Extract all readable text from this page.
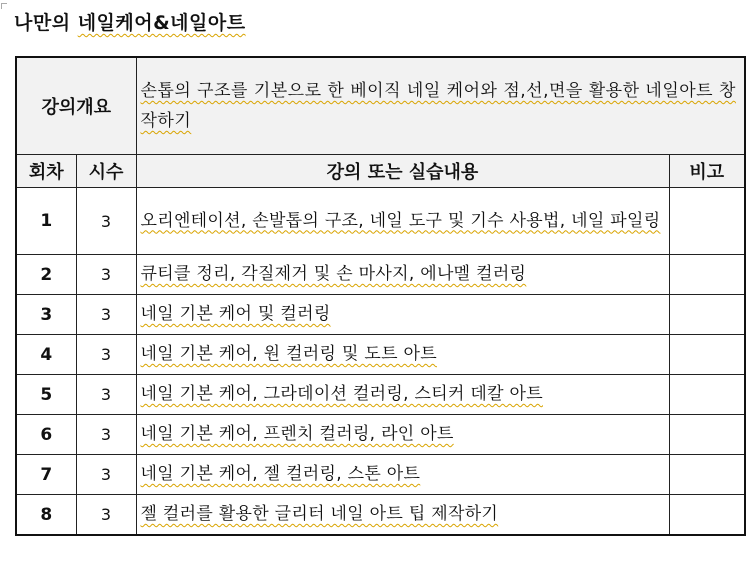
나만의 네일케어&네일아트
강의개요		손톱의 구조를 기본으로 한 베이직 네일 케어와 점,선,면을 활용한 네일아트 창작하기	
회차	시수	강의 또는 실습내용	비고
1	3	오리엔테이션, 손발톱의 구조, 네일 도구 및 기수 사용법, 네일 파일링	
2	3	큐티클 정리, 각질제거 및 손 마사지, 에나멜 컬러링	
3	3	네일 기본 케어 및 컬러링	
4	3	네일 기본 케어, 원 컬러링 및 도트 아트	
5	3	네일 기본 케어, 그라데이션 컬러링, 스티커 데칼 아트	
6	3	네일 기본 케어, 프렌치 컬러링, 라인 아트	
7	3	네일 기본 케어, 젤 컬러링, 스톤 아트	
8	3	젤 컬러를 활용한 글리터 네일 아트 팁 제작하기	
